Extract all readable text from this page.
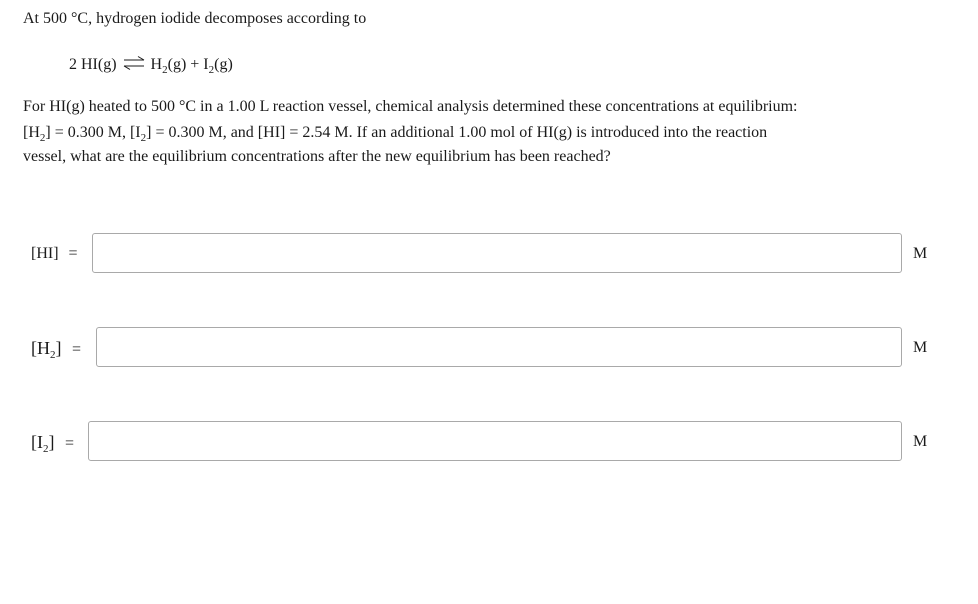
At 500 °C, hydrogen iodide decomposes according to
2 HI(g) ⇌ $H_2(g) + I_2(g)$
For HI(g) heated to 500 °C in a 1.00 L reaction vessel, chemical analysis determined these concentrations at equilibrium:
$[H_2] = 0.300$ M, $[I_2] = 0.300$ M, and [HI] = 2.54 M. If an additional 1.00 mol of HI(g) is introduced into the reaction
vessel, what are the equilibrium concentrations after the new equilibrium has been reached?
[HI] =	M
$[H_2]$ =	M
$[I_2]$ =	M
